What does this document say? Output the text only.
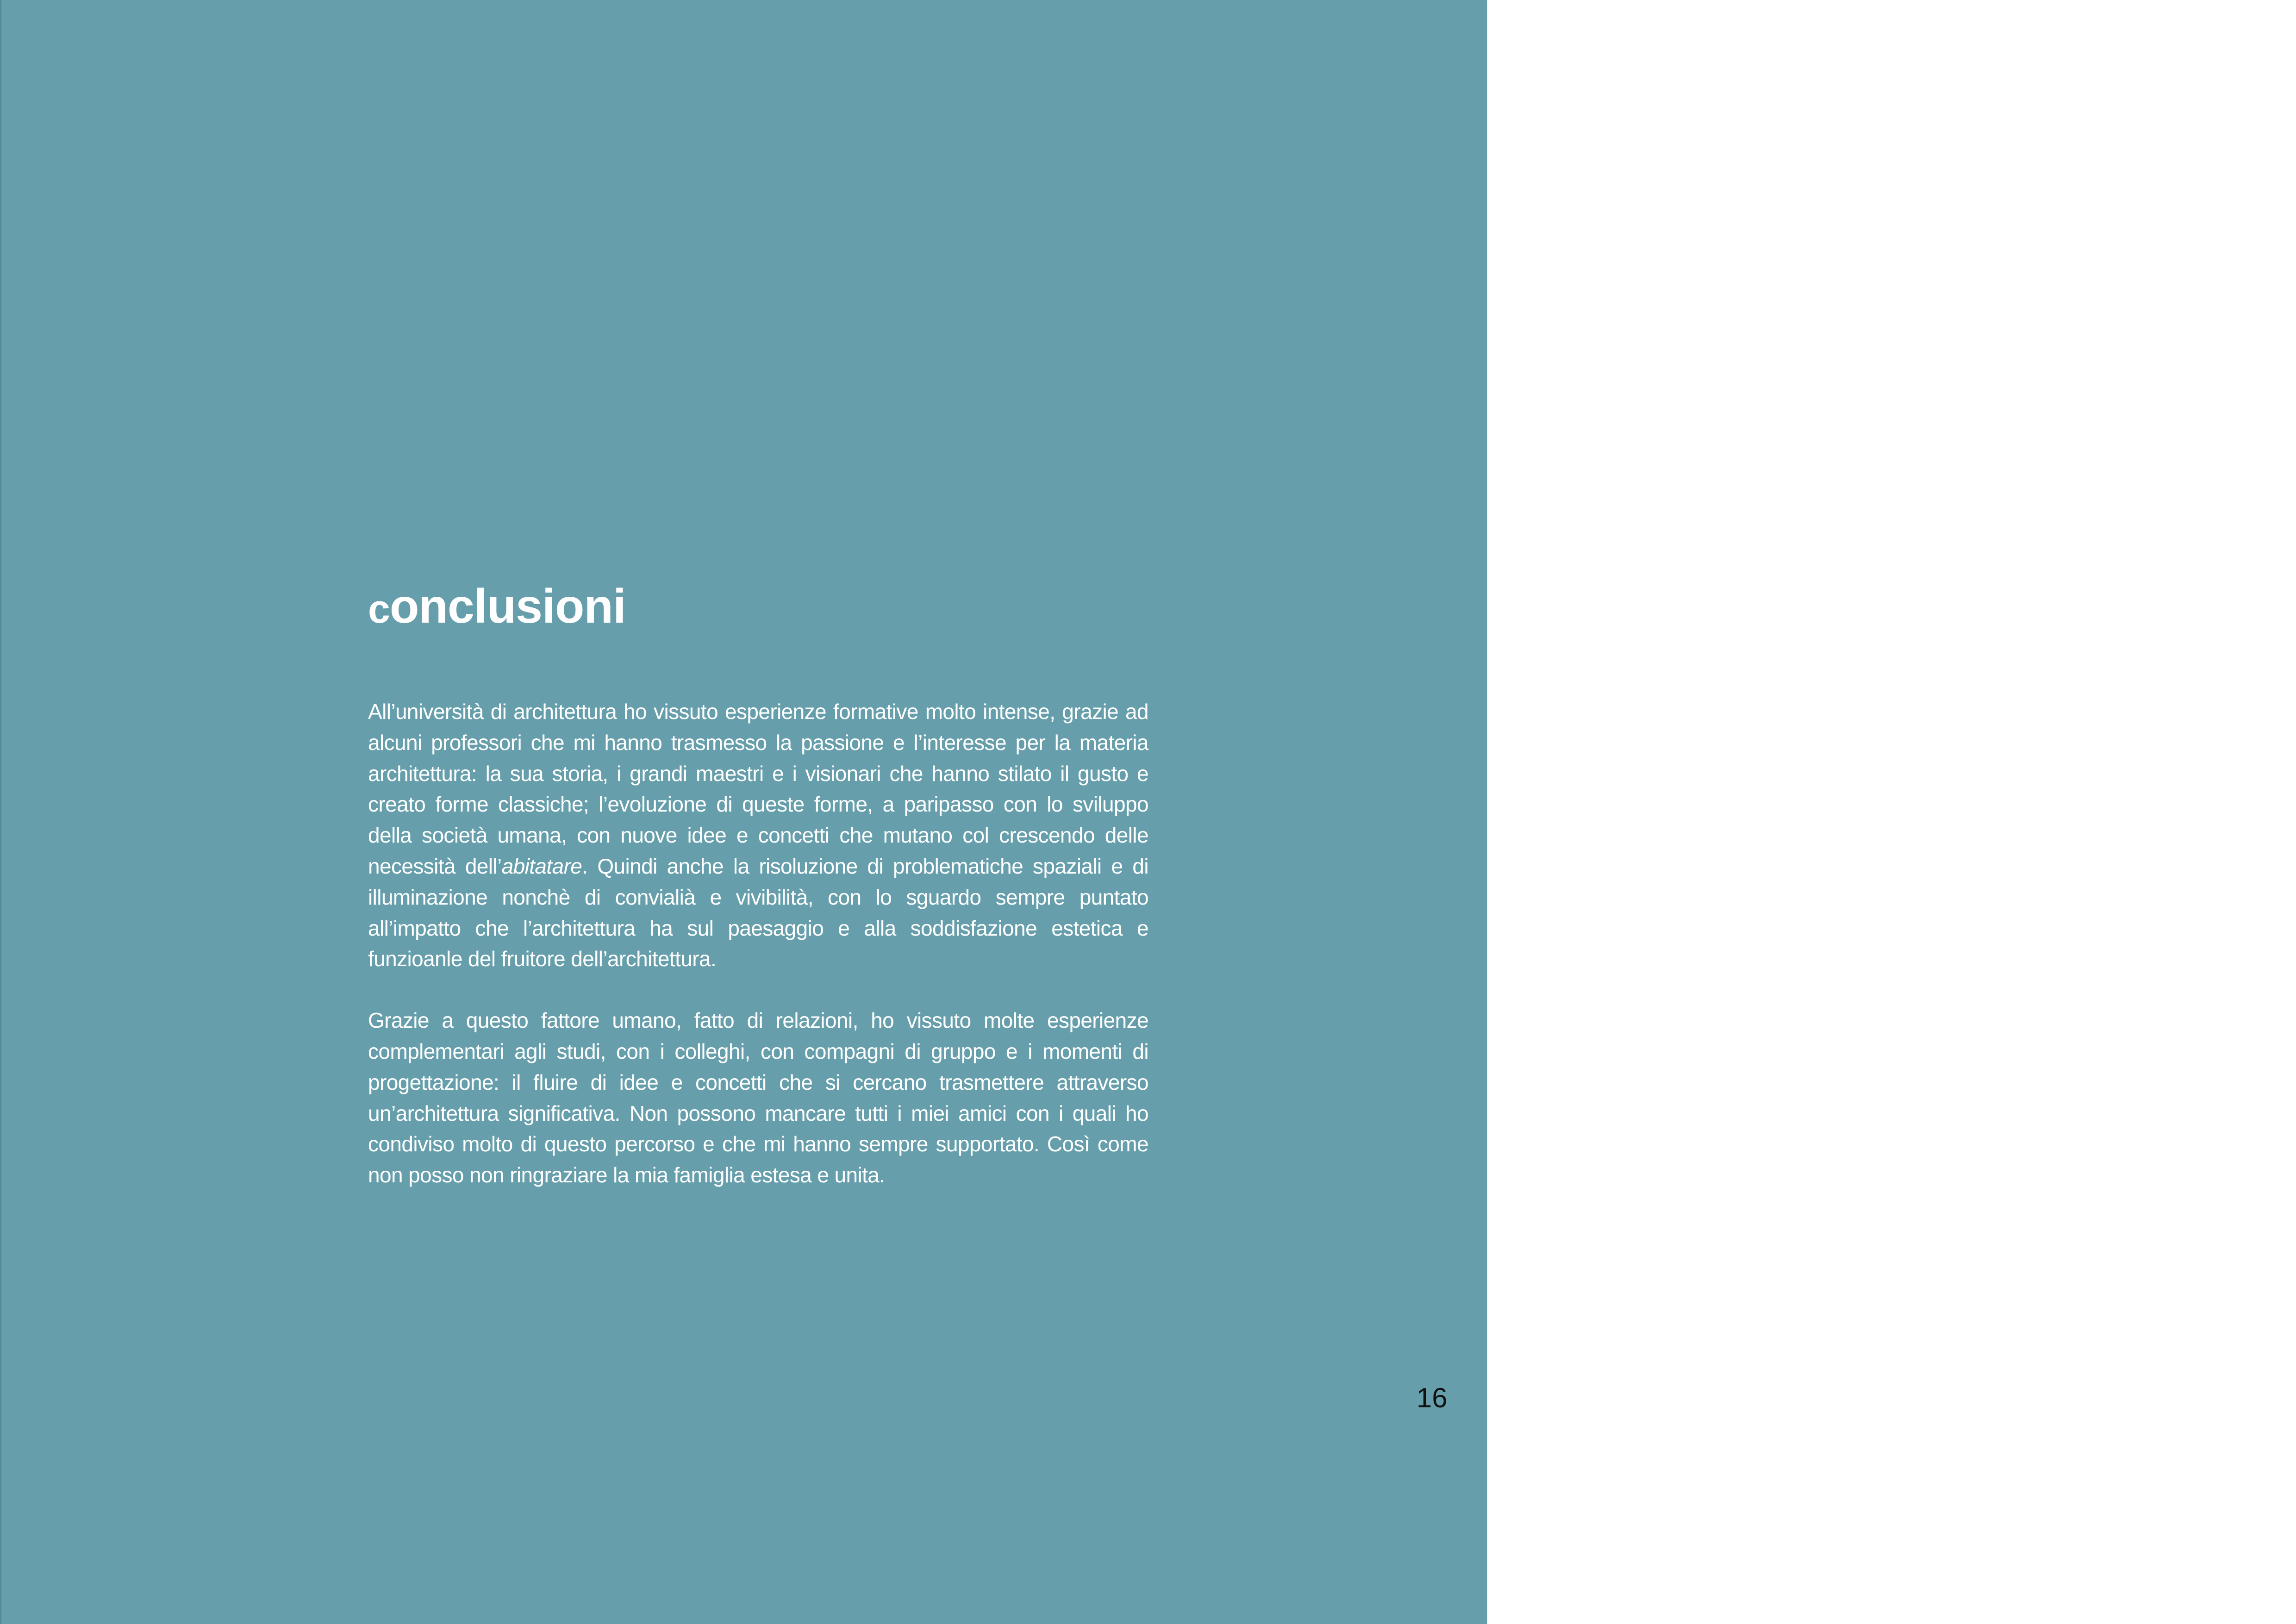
conclusioni

All’università di architettura ho vissuto esperienze formative molto intense, grazie ad alcuni professori che mi hanno trasmesso la passione e l’interesse per la materia architettura: la sua storia, i grandi maestri e i visionari che hanno stilato il gusto e creato forme classiche; l’evoluzione di queste forme, a paripasso con lo sviluppo della società umana, con nuove idee e concetti che mutano col crescendo delle necessità dell’abitatare. Quindi anche la risoluzione di problematiche spaziali e di illuminazione nonchè di convialià e vivibilità, con lo sguardo sempre puntato all’impatto che l’architettura ha sul paesaggio e alla soddisfazione estetica e funzioanle del fruitore dell’architettura.

Grazie a questo fattore umano, fatto di relazioni, ho vissuto molte esperienze complementari agli studi, con i colleghi, con compagni di gruppo e i momenti di progettazione: il fluire di idee e concetti che si cercano trasmettere attraverso un’architettura significativa. Non possono mancare tutti i miei amici con i quali ho condiviso molto di questo percorso e che mi hanno sempre supportato. Così come non posso non ringraziare la mia famiglia estesa e unita.

16
